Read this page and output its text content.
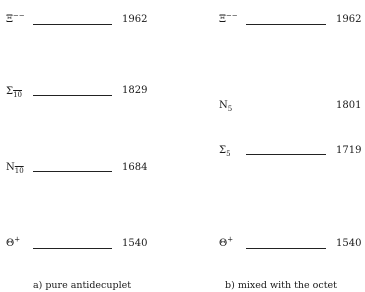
Ξ−−	1962
$\Sigma_{10}$	1829
$N_{10}$	1684
Θ+	1540
a) pure antidecuplet
Ξ−−	1962
$N_5$	1801
$\Sigma_5$	1719
Θ+	1540
b) mixed with the octet
